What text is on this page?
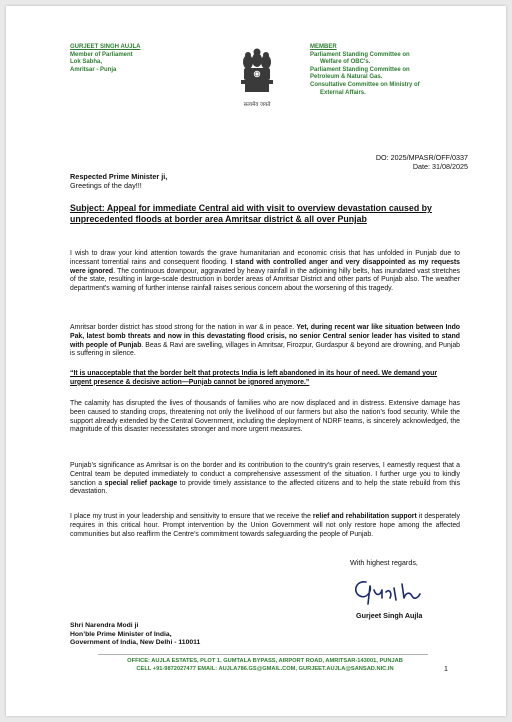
GURJEET SINGH AUJLA
Member of Parliament
Lok Sabha,
Amritsar - Punja
सत्यमेव जयते
MEMBER
Parliament Standing Committee on
Welfare of OBC's.
Parliament Standing Committee on
Petroleum & Natural Gas.
Consultative Committee on Ministry of
External Affairs.
DO: 2025/MPASR/OFF/0337
Date: 31/08/2025
Respected Prime Minister ji,
Greetings of the day!!!
Subject: Appeal for immediate Central aid with visit to overview devastation caused by unprecedented floods at border area Amritsar district & all over Punjab
I wish to draw your kind attention towards the grave humanitarian and economic crisis that has unfolded in Punjab due to incessant torrential rains and consequent flooding. I stand with controlled anger and very disappointed as my requests were ignored. The continuous downpour, aggravated by heavy rainfall in the adjoining hilly belts, has inundated vast stretches of the state, resulting in large-scale destruction in border areas of Amritsar District and other parts of Punjab also. The weather department’s warning of further intense rainfall raises serious concern about the worsening of this tragedy.
Amritsar border district has stood strong for the nation in war & in peace. Yet, during recent war like situation between Indo Pak, latest bomb threats and now in this devastating flood crisis, no senior Central senior leader has visited to stand with people of Punjab. Beas & Ravi are swelling, villages in Amritsar, Firozpur, Gurdaspur & beyond are drowning, and Punjab is suffering in silence.
“It is unacceptable that the border belt that protects India is left abandoned in its hour of need. We demand your urgent presence & decisive action—Punjab cannot be ignored anymore.”
The calamity has disrupted the lives of thousands of families who are now displaced and in distress. Extensive damage has been caused to standing crops, threatening not only the livelihood of our farmers but also the nation’s food security. While the support already extended by the Central Government, including the deployment of NDRF teams, is sincerely acknowledged, the magnitude of this disaster necessitates stronger and more urgent measures.
Punjab’s significance as Amritsar is on the border and its contribution to the country’s grain reserves, I earnestly request that a Central team be deputed immediately to conduct a comprehensive assessment of the situation. I further urge you to kindly sanction a special relief package to provide timely assistance to the affected citizens and to help the state rebuild from this devastation.
I place my trust in your leadership and sensitivity to ensure that we receive the relief and rehabilitation support it desperately requires in this critical hour. Prompt intervention by the Union Government will not only restore hope among the affected communities but also reaffirm the Centre’s commitment towards safeguarding the people of Punjab.
With highest regards,
Gurjeet Singh Aujla
Shri Narendra Modi ji
Hon’ble Prime Minister of India,
Government of India, New Delhi - 110011
OFFICE: AUJLA ESTATES, PLOT 1, GUMTALA BYPASS, AIRPORT ROAD, AMRITSAR-143001, PUNJAB
CELL +91-9872027477 EMAIL: AUJLA786.GS@GMAIL.COM, GURJEET.AUJLA@SANSAD.NIC.IN	1
